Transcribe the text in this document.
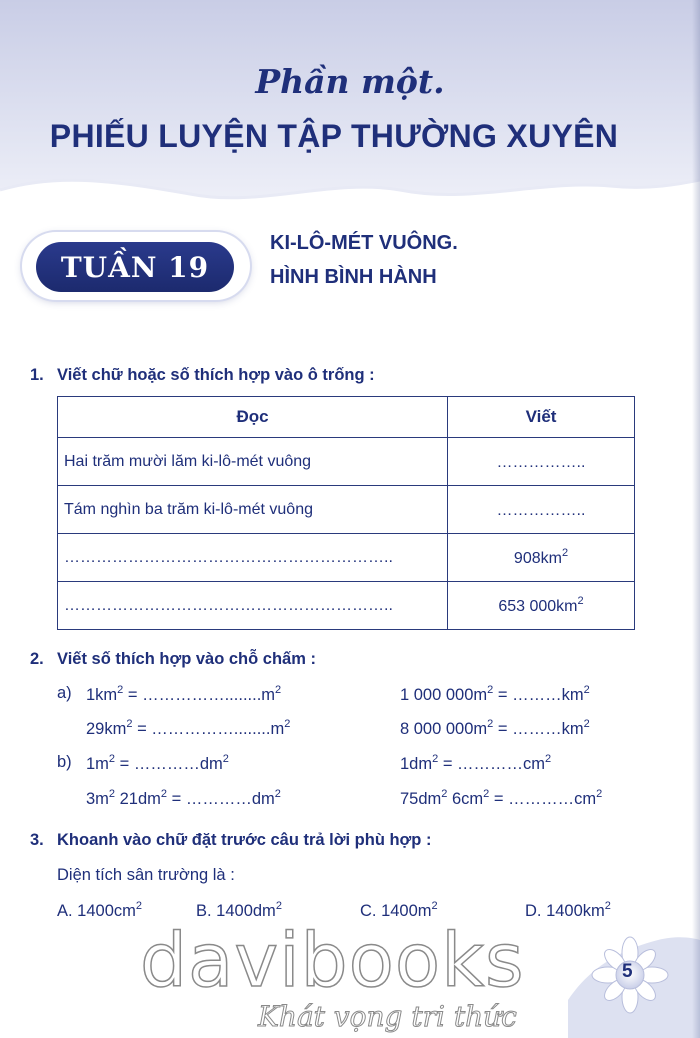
Phần một.
PHIẾU LUYỆN TẬP THƯỜNG XUYÊN
TUẦN 19
KI-LÔ-MÉT VUÔNG.
HÌNH BÌNH HÀNH
1. Viết chữ hoặc số thích hợp vào ô trống :
Đọc	Viết
Hai trăm mười lăm ki-lô-mét vuông	……………..
Tám nghìn ba trăm ki-lô-mét vuông	……………..
……………………………………………………..	$908km^2$
……………………………………………………..	653 $000km^2$
2. Viết số thích hợp vào chỗ chấm :
a) $1km^2$ = $\dots\dots\dots\dots\dots........m^2$	1 000 $000m^2$ = $\dots\dots\dots km^2$
$29km^2$ = $\dots\dots\dots\dots\dots........m^2$	8 000 $000m^2$ = $\dots\dots\dots km^2$
b) $1m^2$ = $\dots\dots\dots\dots dm^2$	$1dm^2$ = $\dots\dots\dots\dots cm^2$
$3m^2$ $21dm^2$ = $\dots\dots\dots\dots dm^2$	$75dm^2$ $6cm^2$ = $\dots\dots\dots\dots cm^2$
3. Khoanh vào chữ đặt trước câu trả lời phù hợp :
Diện tích sân trường là :
A. $1400cm^2$	B. $1400dm^2$	C. $1400m^2$	D. $1400km^2$
5
davibooks
Khát vọng tri thức
